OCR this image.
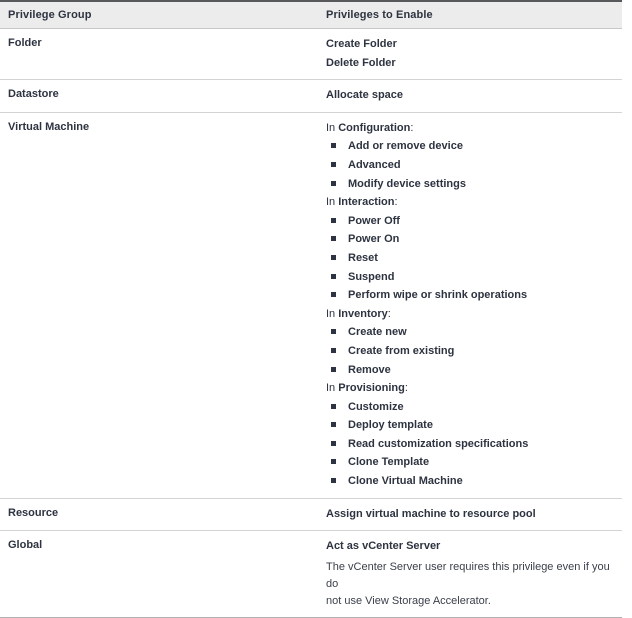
Privilege Group	Privileges to Enable
Folder	Create Folder
Delete Folder

Datastore	Allocate space

Virtual Machine	In Configuration:
Add or remove device
Advanced
Modify device settings
In Interaction:
Power Off
Power On
Reset
Suspend
Perform wipe or shrink operations
In Inventory:
Create new
Create from existing
Remove
In Provisioning:
Customize
Deploy template
Read customization specifications
Clone Template
Clone Virtual Machine

Resource	Assign virtual machine to resource pool

Global	Act as vCenter Server
The vCenter Server user requires this privilege even if you do
not use View Storage Accelerator.
